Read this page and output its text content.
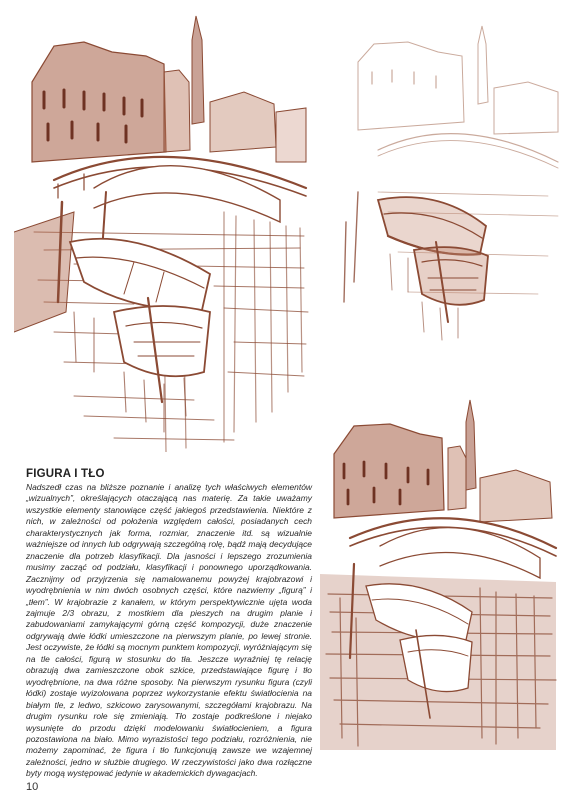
FIGURA I TŁO

Nadszedł czas na bliższe poznanie i analizę tych właściwych elementów „wizualnych”, określających otaczającą nas materię. Za takie uważamy wszystkie elementy stanowiące część jakiegoś przedstawienia. Niektóre z nich, w zależności od położenia względem całości, posiadanych cech charakterystycznych jak forma, rozmiar, znaczenie itd. są wizualnie ważniejsze od innych lub odgrywają szczególną rolę, bądź mają decydujące znaczenie dla potrzeb klasyfikacji. Dla jasności i lepszego zrozumienia musimy zacząć od podziału, klasyfikacji i ponownego uporządkowania. Zacznijmy od przyjrzenia się namalowanemu powyżej krajobrazowi i wyodrębnienia w nim dwóch osobnych części, które nazwiemy „figurą” i „tłem”. W krajobrazie z kanałem, w którym perspektywicznie ujęta woda zajmuje 2/3 obrazu, z mostkiem dla pieszych na drugim planie i zabudowaniami zamykającymi górną część kompozycji, duże znaczenie odgrywają dwie łódki umieszczone na pierwszym planie, po lewej stronie. Jest oczywiste, że łódki są mocnym punktem kompozycji, wyróżniającym się na tle całości, figurą w stosunku do tła. Jeszcze wyraźniej tę relację obrazują dwa zamieszczone obok szkice, przedstawiające figurę i tło wyodrębnione, na dwa różne sposoby. Na pierwszym rysunku figura (czyli łódki) zostaje wyizolowana poprzez wykorzystanie efektu światłocienia na białym tle, z ledwo, szkicowo zarysowanymi, szczegółami krajobrazu. Na drugim rysunku role się zmieniają. Tło zostaje podkreślone i niejako wysunięte do przodu dzięki modelowaniu światłocieniem, a figura pozostawiona na biało. Mimo wyrazistości tego podziału, rozróżnienia, nie możemy zapominać, że figura i tło funkcjonują zawsze we wzajemnej zależności, jedno w służbie drugiego. W rzeczywistości jako dwa rozłączne byty mogą występować jedynie w akademickich dywagacjach.

10
